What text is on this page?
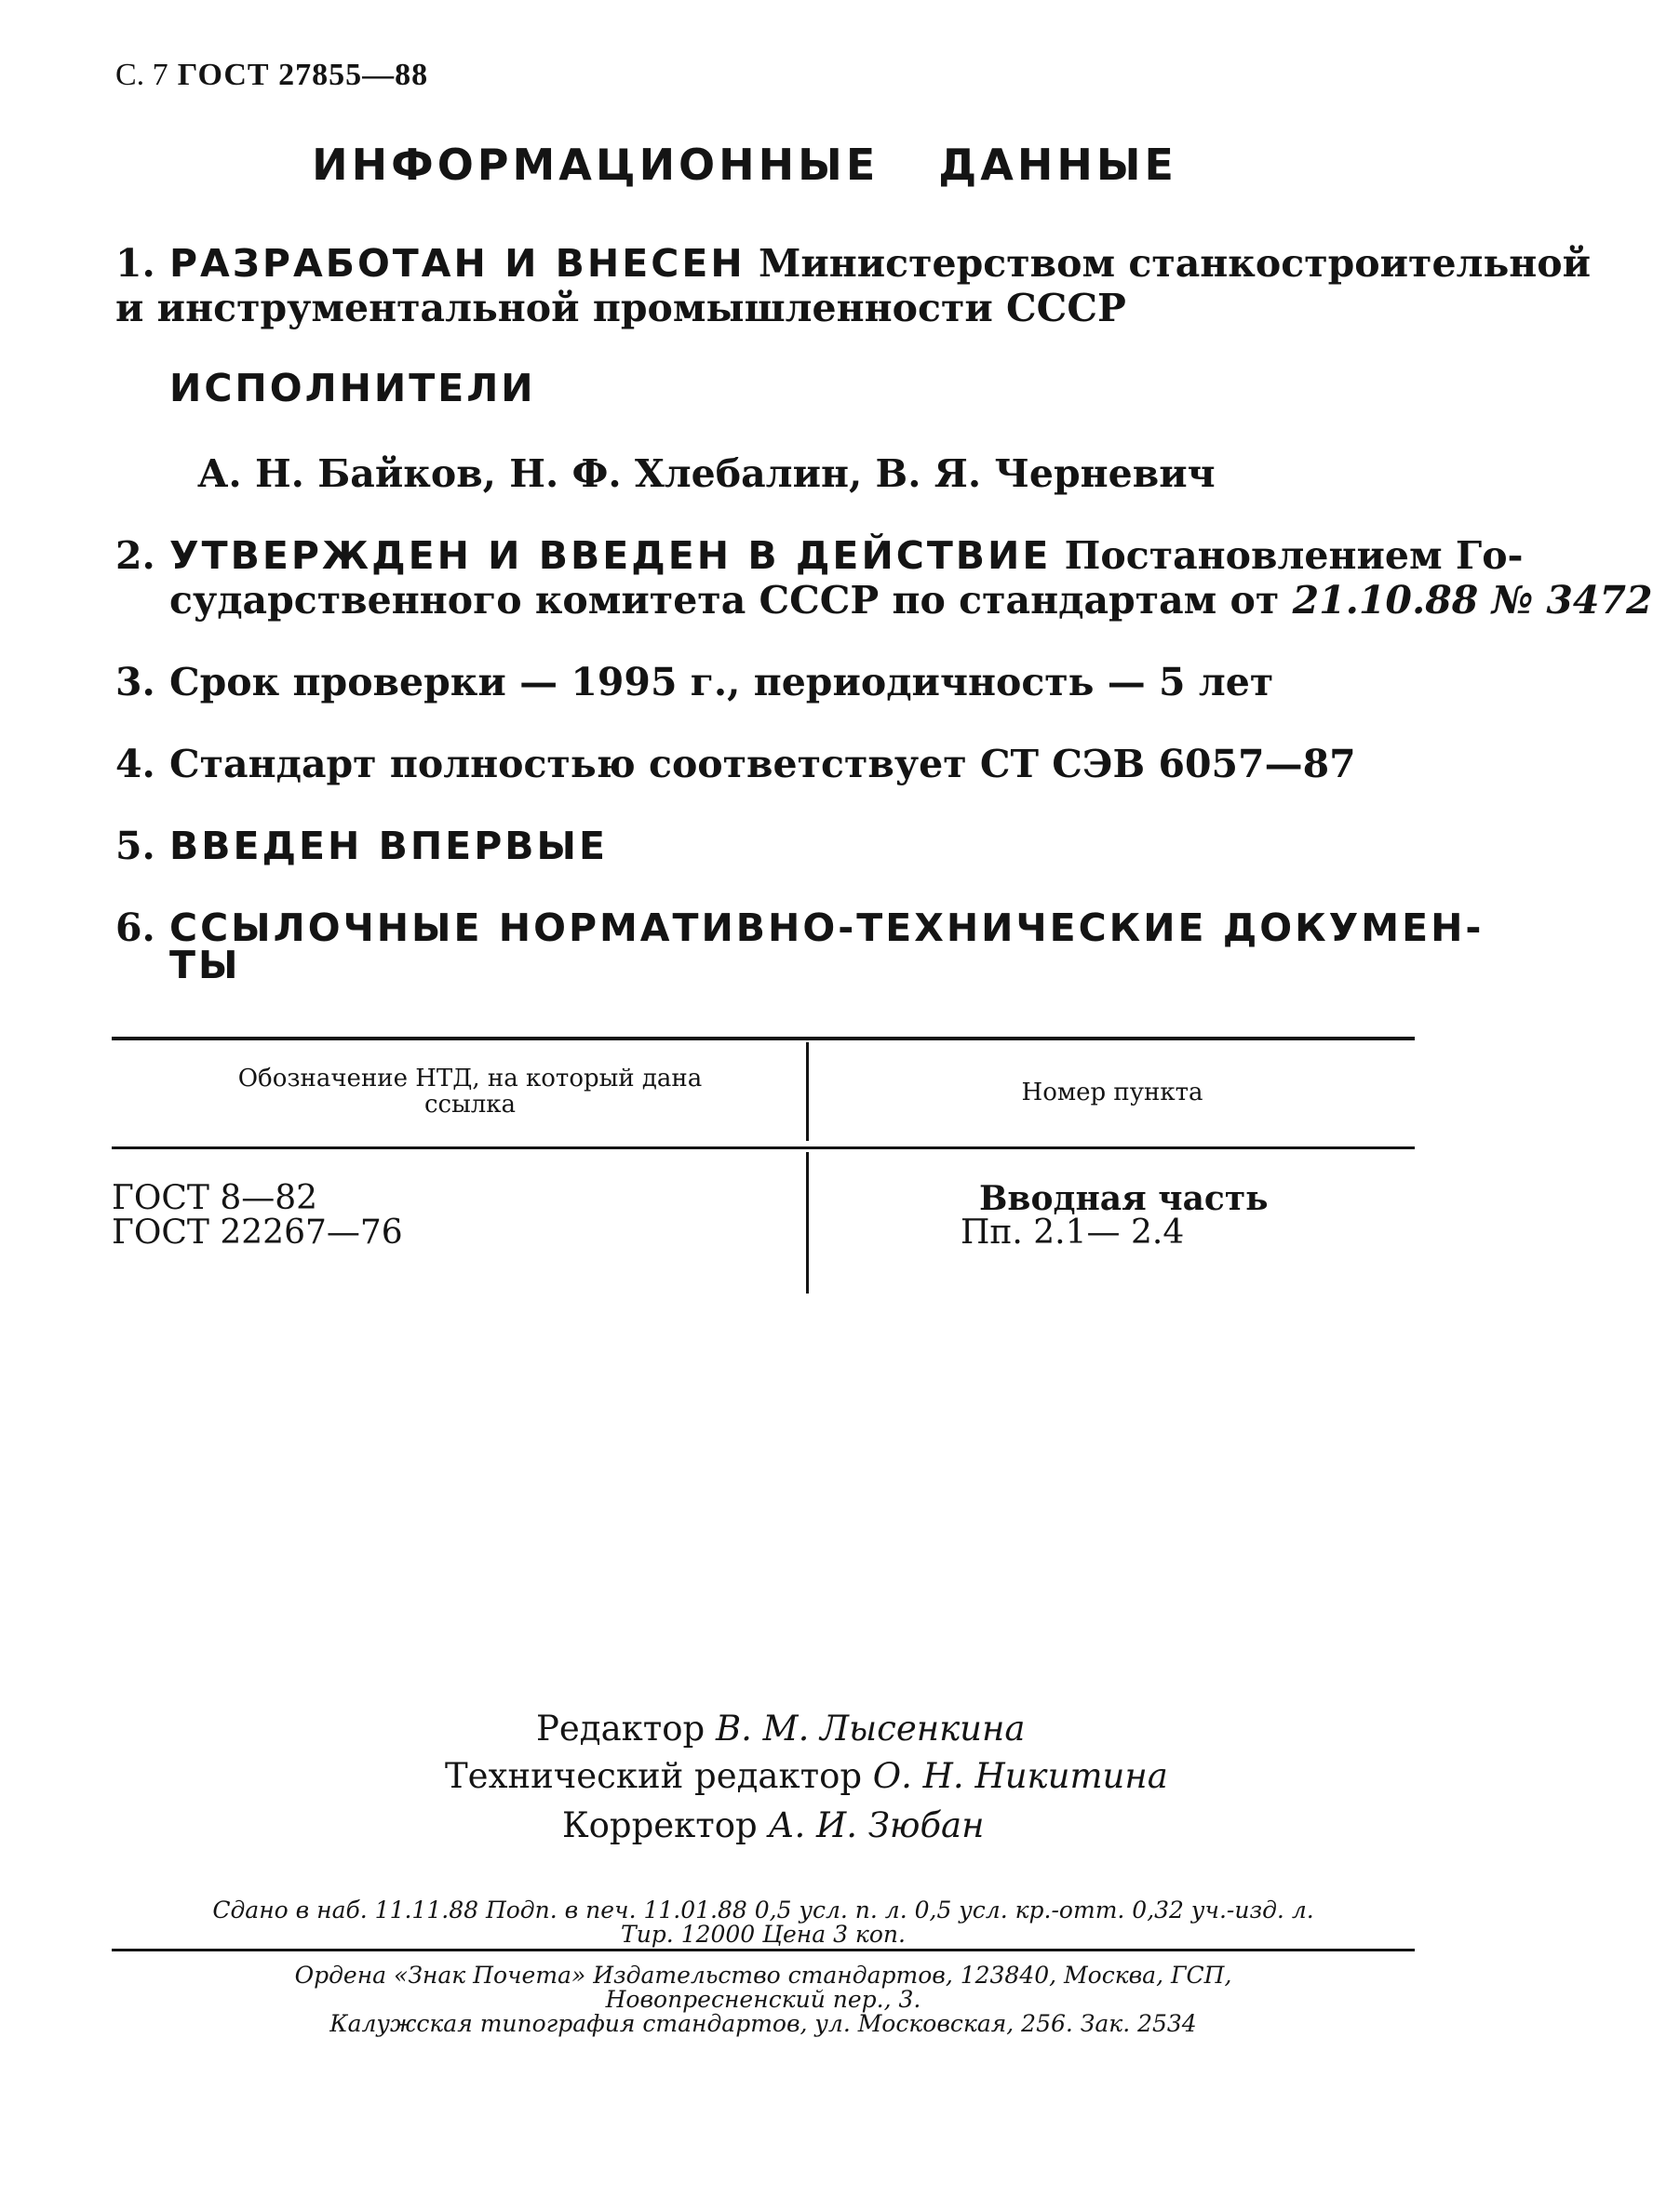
С. 7 ГОСТ 27855—88
ИНФОРМАЦИОННЫЕ ДАННЫЕ
1. РАЗРАБОТАН И ВНЕСЕН Министерством станкостроительной
и инструментальной промышленности СССР
ИСПОЛНИТЕЛИ
А. Н. Байков, Н. Ф. Хлебалин, В. Я. Черневич
2. УТВЕРЖДЕН И ВВЕДЕН В ДЕЙСТВИЕ Постановлением Го-
сударственного комитета СССР по стандартам от 21.10.88 № 3472
3. Срок проверки — 1995 г., периодичность — 5 лет
4. Стандарт полностью соответствует СТ СЭВ 6057—87
5. ВВЕДЕН ВПЕРВЫЕ
6. ССЫЛОЧНЫЕ НОРМАТИВНО-ТЕХНИЧЕСКИЕ ДОКУМЕН-
ТЫ
Обозначение НТД, на который дана
ссылка	Номер пункта
ГОСТ 8—82	Вводная часть
ГОСТ 22267—76	Пп. 2.1— 2.4
Редактор В. М. Лысенкина
Технический редактор О. Н. Никитина
Корректор А. И. Зюбан
Сдано в наб. 11.11.88 Подп. в печ. 11.01.88 0,5 усл. п. л. 0,5 усл. кр.-отт. 0,32 уч.-изд. л.
Тир. 12000 Цена 3 коп.
Ордена «Знак Почета» Издательство стандартов, 123840, Москва, ГСП,
Новопресненский пер., 3.
Калужская типография стандартов, ул. Московская, 256. Зак. 2534
